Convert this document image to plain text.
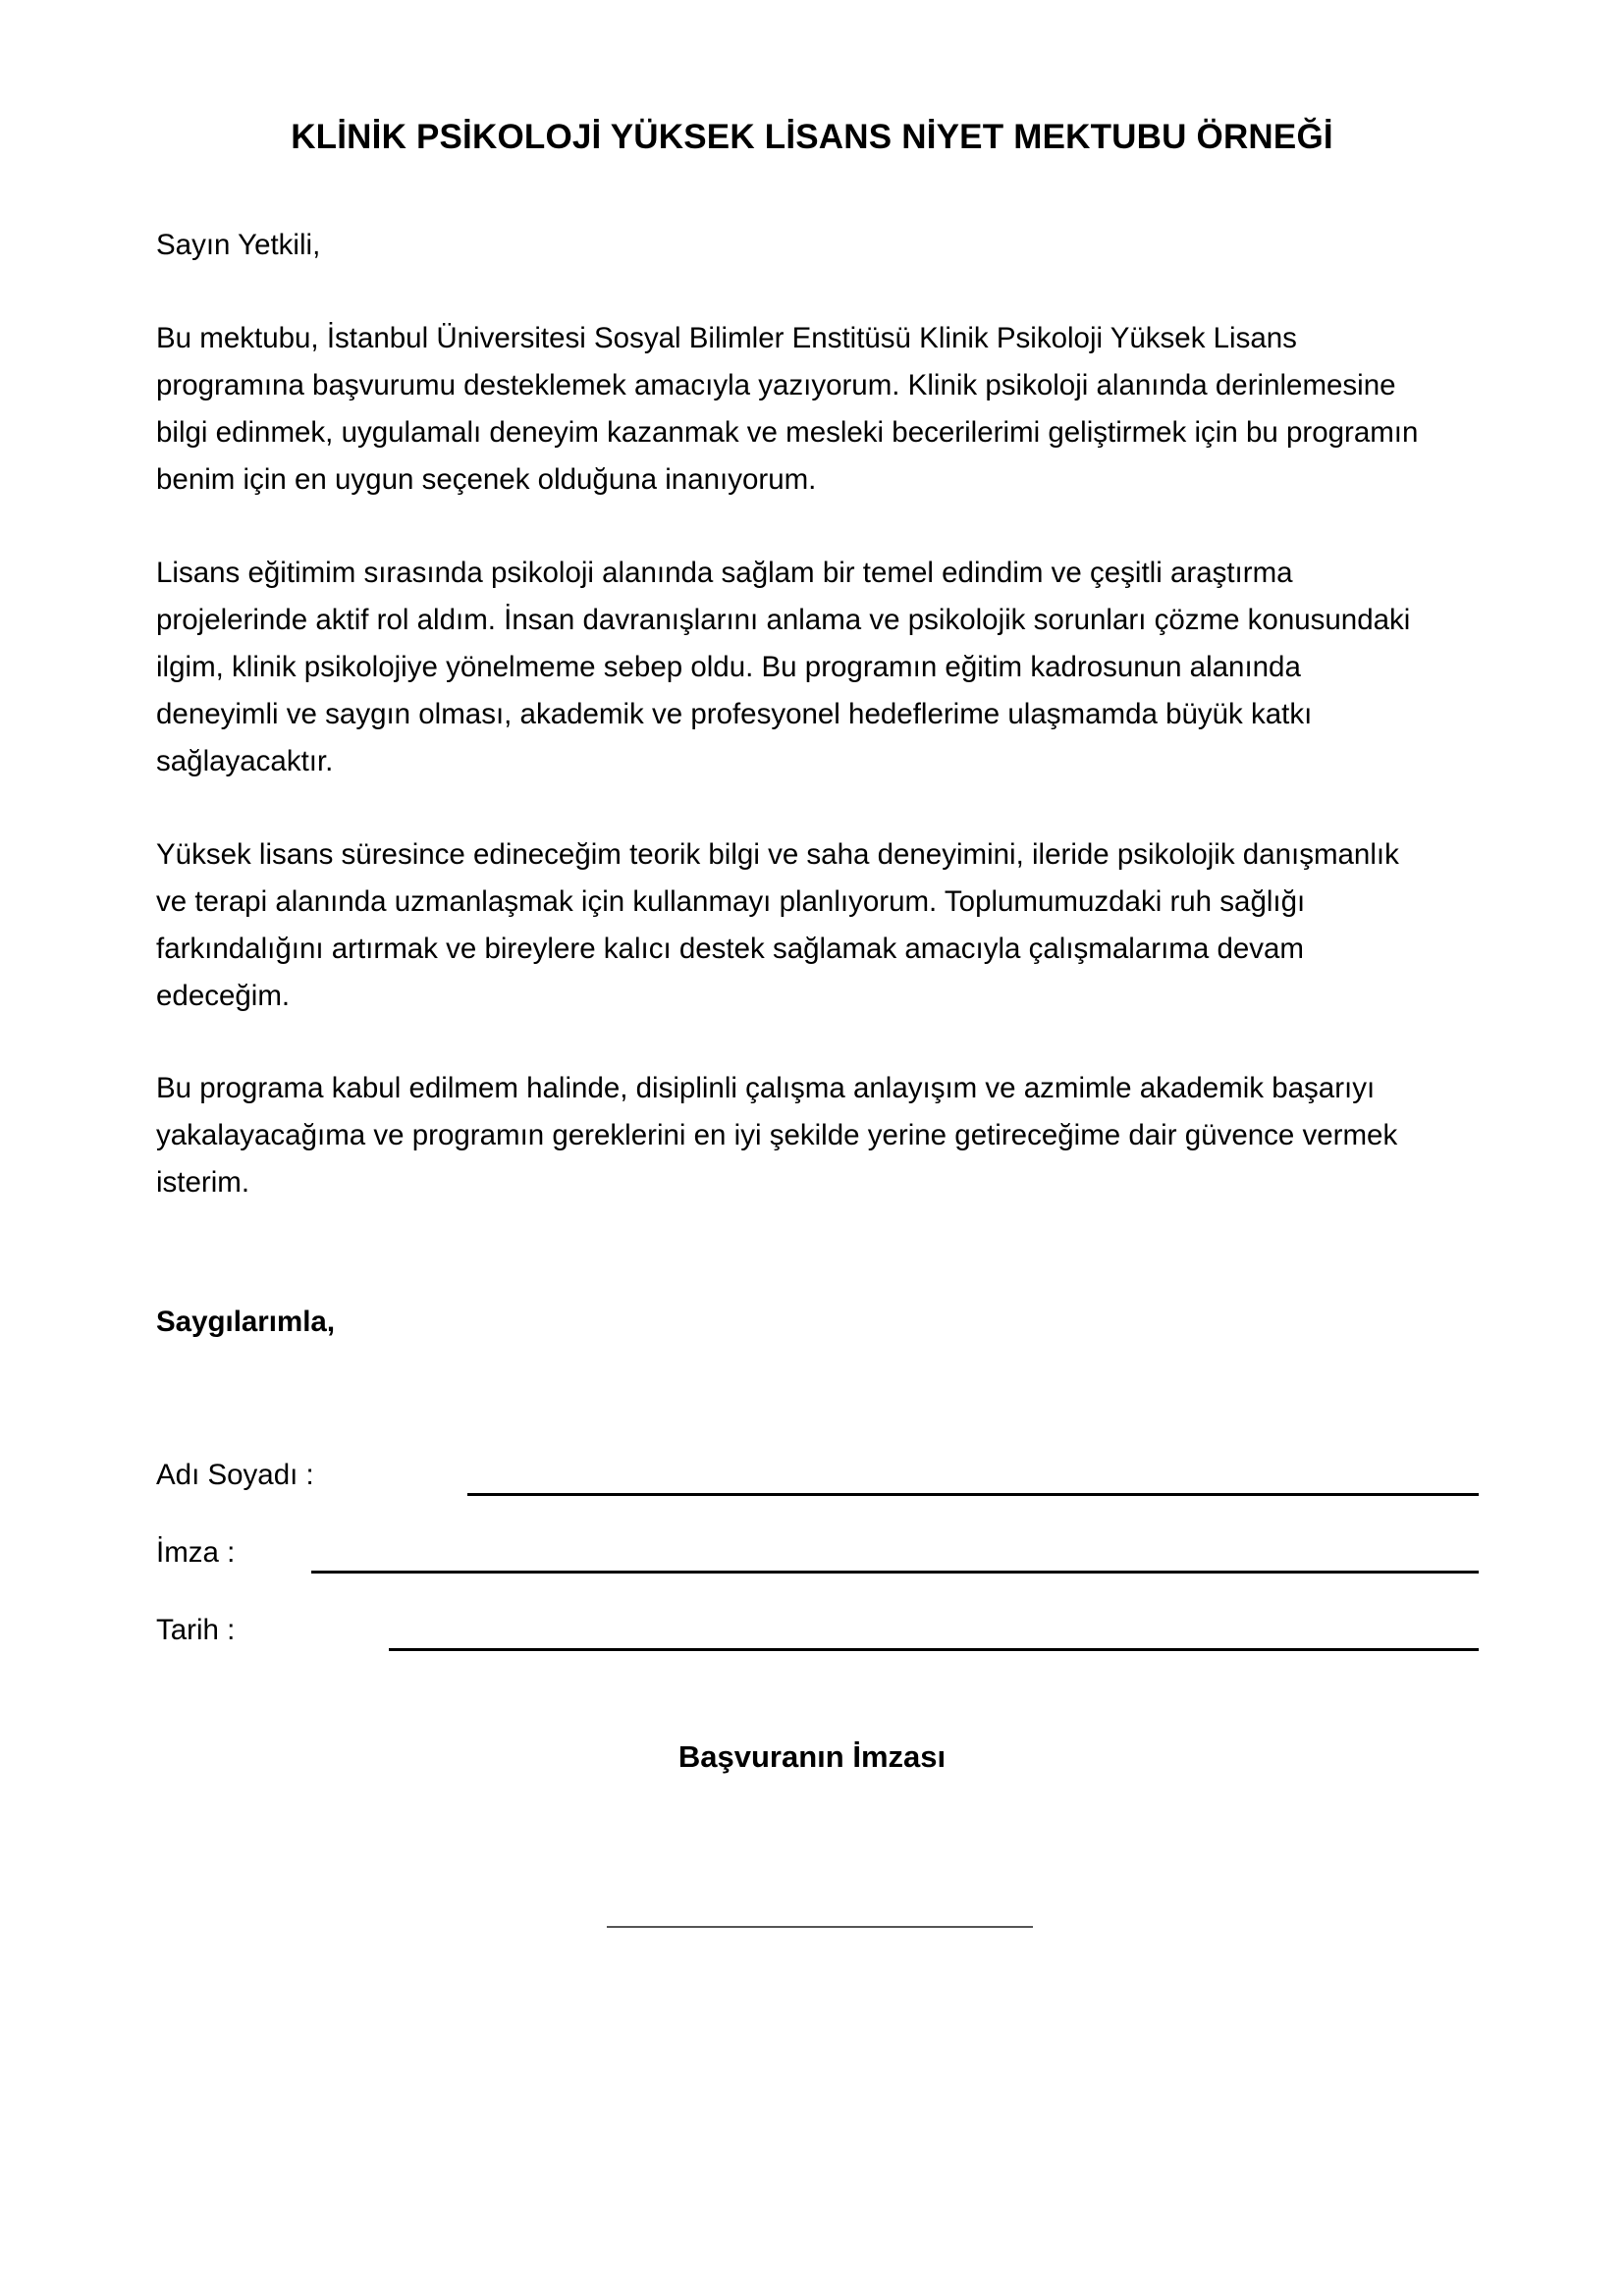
KLİNİK PSİKOLOJİ YÜKSEK LİSANS NİYET MEKTUBU ÖRNEĞİ

Sayın Yetkili,

Bu mektubu, İstanbul Üniversitesi Sosyal Bilimler Enstitüsü Klinik Psikoloji Yüksek Lisans

programına başvurumu desteklemek amacıyla yazıyorum. Klinik psikoloji alanında derinlemesine

bilgi edinmek, uygulamalı deneyim kazanmak ve mesleki becerilerimi geliştirmek için bu programın

benim için en uygun seçenek olduğuna inanıyorum.

Lisans eğitimim sırasında psikoloji alanında sağlam bir temel edindim ve çeşitli araştırma

projelerinde aktif rol aldım. İnsan davranışlarını anlama ve psikolojik sorunları çözme konusundaki

ilgim, klinik psikolojiye yönelmeme sebep oldu. Bu programın eğitim kadrosunun alanında

deneyimli ve saygın olması, akademik ve profesyonel hedeflerime ulaşmamda büyük katkı

sağlayacaktır.

Yüksek lisans süresince edineceğim teorik bilgi ve saha deneyimini, ileride psikolojik danışmanlık

ve terapi alanında uzmanlaşmak için kullanmayı planlıyorum. Toplumumuzdaki ruh sağlığı

farkındalığını artırmak ve bireylere kalıcı destek sağlamak amacıyla çalışmalarıma devam

edeceğim.

Bu programa kabul edilmem halinde, disiplinli çalışma anlayışım ve azmimle akademik başarıyı

yakalayacağıma ve programın gereklerini en iyi şekilde yerine getireceğime dair güvence vermek

isterim.

Saygılarımla,
Adı Soyadı :
İmza :
Tarih :
Başvuranın İmzası
